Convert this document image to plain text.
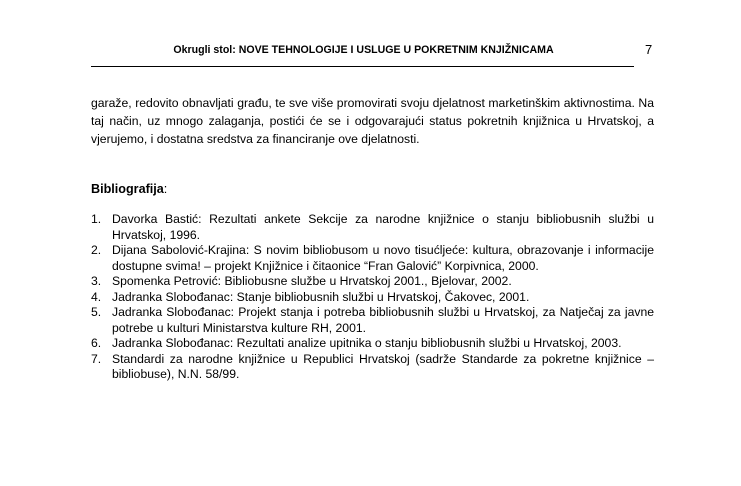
Okrugli stol: NOVE TEHNOLOGIJE I USLUGE U POKRETNIM KNJIŽNICAMA	7

garaže, redovito obnavljati građu, te sve više promovirati svoju djelatnost marketinškim aktivnostima. Na taj način, uz mnogo zalaganja, postići će se i odgovarajući status pokretnih knjižnica u Hrvatskoj, a vjerujemo, i dostatna sredstva za financiranje ove djelatnosti.

Bibliografija:
1. Davorka Bastić: Rezultati ankete Sekcije za narodne knjižnice o stanju bibliobusnih službi u Hrvatskoj, 1996.
2. Dijana Sabolović-Krajina: S novim bibliobusom u novo tisućljeće: kultura, obrazovanje i informacije dostupne svima! – projekt Knjižnice i čitaonice “Fran Galović” Korpivnica, 2000.
3. Spomenka Petrović: Bibliobusne službe u Hrvatskoj 2001., Bjelovar, 2002.
4. Jadranka Slobođanac: Stanje bibliobusnih službi u Hrvatskoj, Čakovec, 2001.
5. Jadranka Slobođanac: Projekt stanja i potreba bibliobusnih službi u Hrvatskoj, za Natječaj za javne potrebe u kulturi Ministarstva kulture RH, 2001.
6. Jadranka Slobođanac: Rezultati analize upitnika o stanju bibliobusnih službi u Hrvatskoj, 2003.
7. Standardi za narodne knjižnice u Republici Hrvatskoj (sadrže Standarde za pokretne knjižnice – bibliobuse), N.N. 58/99.
